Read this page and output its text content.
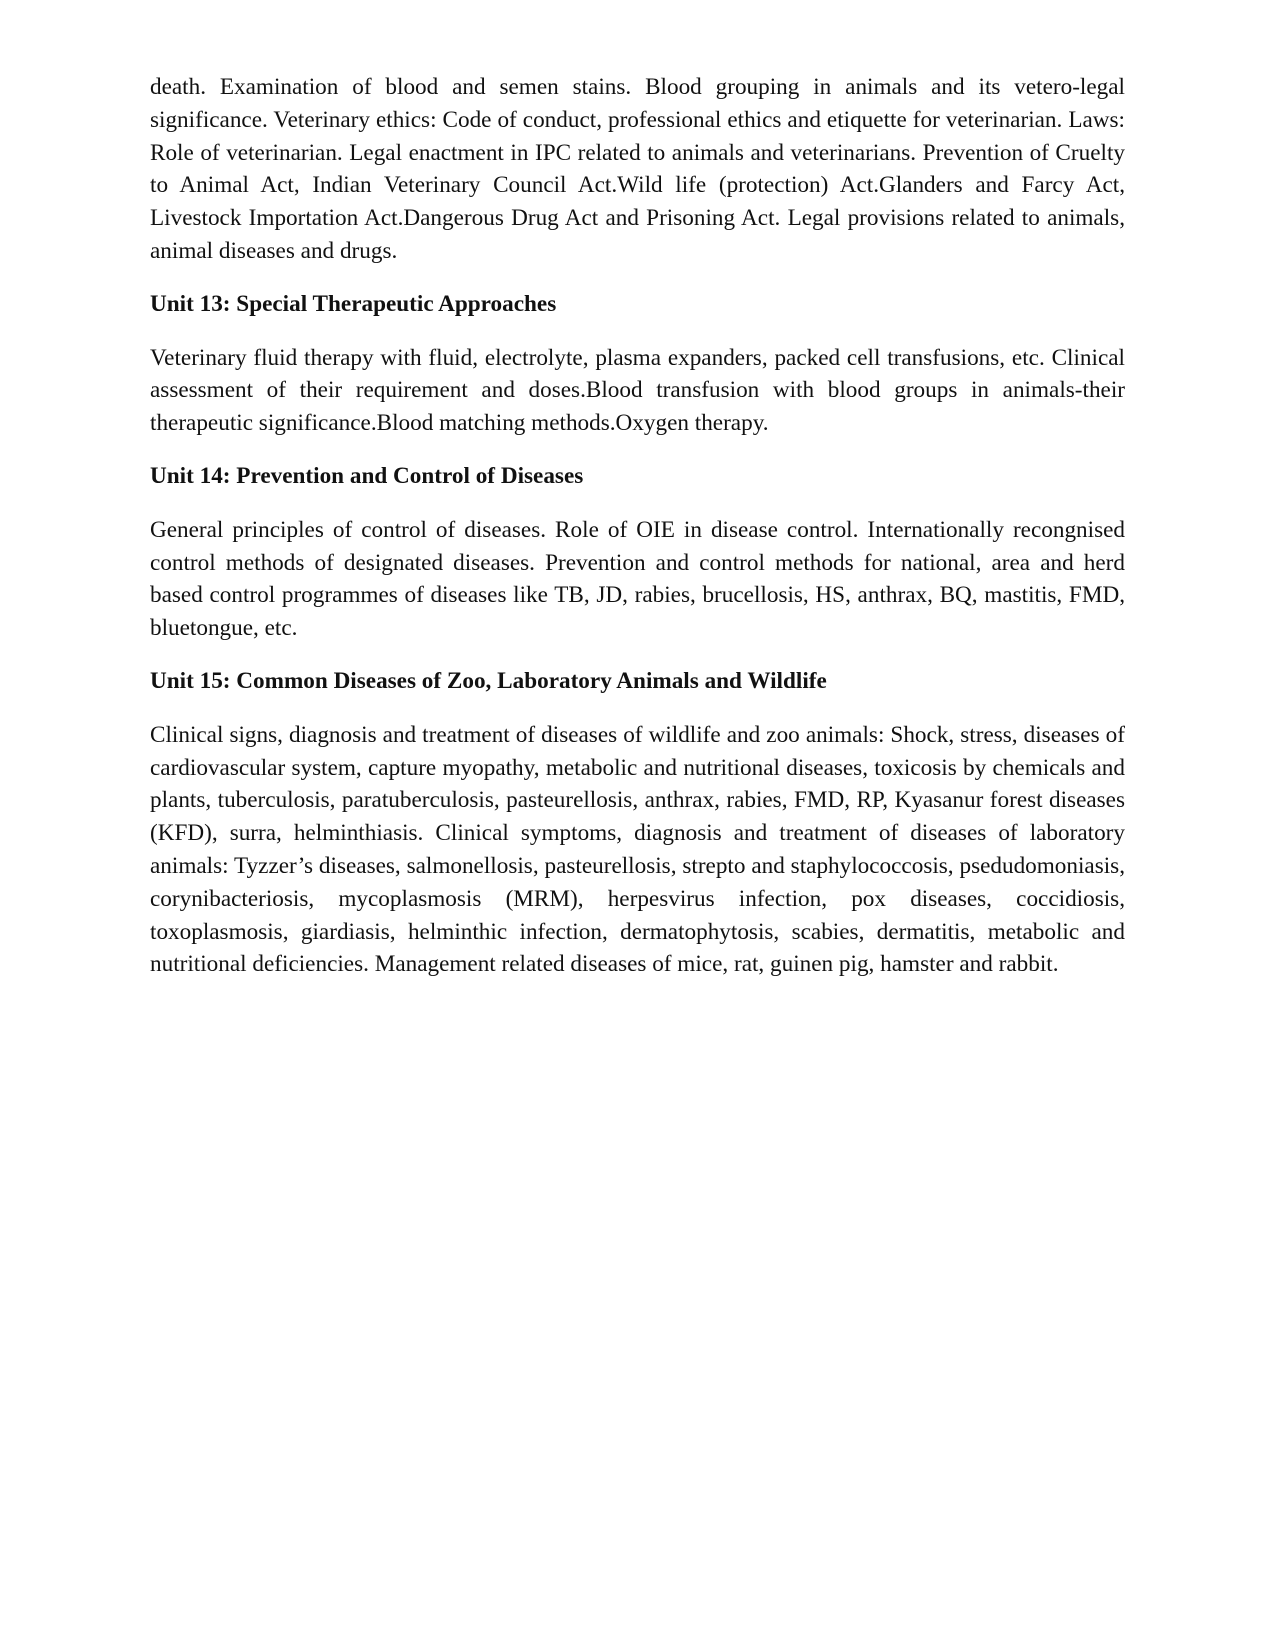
death. Examination of blood and semen stains. Blood grouping in animals and its vetero-legal significance. Veterinary ethics: Code of conduct, professional ethics and etiquette for veterinarian. Laws: Role of veterinarian. Legal enactment in IPC related to animals and veterinarians. Prevention of Cruelty to Animal Act, Indian Veterinary Council Act.Wild life (protection) Act.Glanders and Farcy Act, Livestock Importation Act.Dangerous Drug Act and Prisoning Act. Legal provisions related to animals, animal diseases and drugs.

Unit 13: Special Therapeutic Approaches

Veterinary fluid therapy with fluid, electrolyte, plasma expanders, packed cell transfusions, etc. Clinical assessment of their requirement and doses.Blood transfusion with blood groups in animals-their therapeutic significance.Blood matching methods.Oxygen therapy.

Unit 14: Prevention and Control of Diseases

General principles of control of diseases. Role of OIE in disease control. Internationally recongnised control methods of designated diseases. Prevention and control methods for national, area and herd based control programmes of diseases like TB, JD, rabies, brucellosis, HS, anthrax, BQ, mastitis, FMD, bluetongue, etc.

Unit 15: Common Diseases of Zoo, Laboratory Animals and Wildlife

Clinical signs, diagnosis and treatment of diseases of wildlife and zoo animals: Shock, stress, diseases of cardiovascular system, capture myopathy, metabolic and nutritional diseases, toxicosis by chemicals and plants, tuberculosis, paratuberculosis, pasteurellosis, anthrax, rabies, FMD, RP, Kyasanur forest diseases (KFD), surra, helminthiasis. Clinical symptoms, diagnosis and treatment of diseases of laboratory animals: Tyzzer’s diseases, salmonellosis, pasteurellosis, strepto and staphylococcosis, psedudomoniasis, corynibacteriosis, mycoplasmosis (MRM), herpesvirus infection, pox diseases, coccidiosis, toxoplasmosis, giardiasis, helminthic infection, dermatophytosis, scabies, dermatitis, metabolic and nutritional deficiencies. Management related diseases of mice, rat, guinen pig, hamster and rabbit.
